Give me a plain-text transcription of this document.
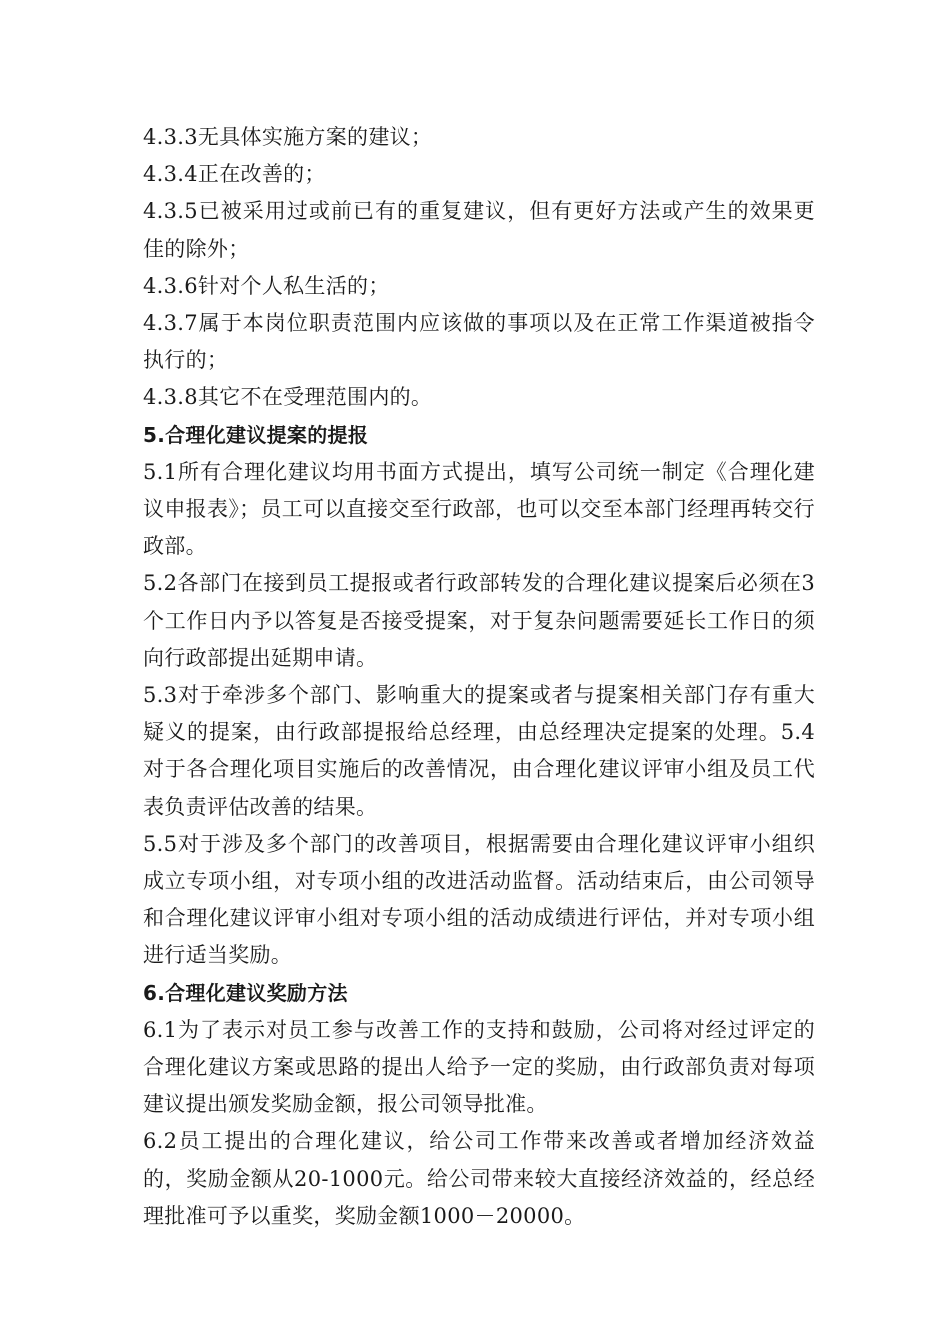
4.3.3无具体实施方案的建议；

4.3.4正在改善的；

4.3.5已被采用过或前已有的重复建议，但有更好方法或产生的效果更佳的除外；

4.3.6针对个人私生活的；

4.3.7属于本岗位职责范围内应该做的事项以及在正常工作渠道被指令执行的；

4.3.8其它不在受理范围内的。

5.合理化建议提案的提报

5.1所有合理化建议均用书面方式提出，填写公司统一制定《合理化建议申报表》；员工可以直接交至行政部，也可以交至本部门经理再转交行政部。

5.2各部门在接到员工提报或者行政部转发的合理化建议提案后必须在3个工作日内予以答复是否接受提案，对于复杂问题需要延长工作日的须向行政部提出延期申请。

5.3对于牵涉多个部门、影响重大的提案或者与提案相关部门存有重大疑义的提案，由行政部提报给总经理，由总经理决定提案的处理。5.4对于各合理化项目实施后的改善情况，由合理化建议评审小组及员工代表负责评估改善的结果。

5.5对于涉及多个部门的改善项目，根据需要由合理化建议评审小组织成立专项小组，对专项小组的改进活动监督。活动结束后，由公司领导和合理化建议评审小组对专项小组的活动成绩进行评估，并对专项小组进行适当奖励。

6.合理化建议奖励方法

6.1为了表示对员工参与改善工作的支持和鼓励，公司将对经过评定的合理化建议方案或思路的提出人给予一定的奖励，由行政部负责对每项建议提出颁发奖励金额，报公司领导批准。

6.2员工提出的合理化建议，给公司工作带来改善或者增加经济效益的，奖励金额从20-1000元。给公司带来较大直接经济效益的，经总经理批准可予以重奖，奖励金额1000－20000。
